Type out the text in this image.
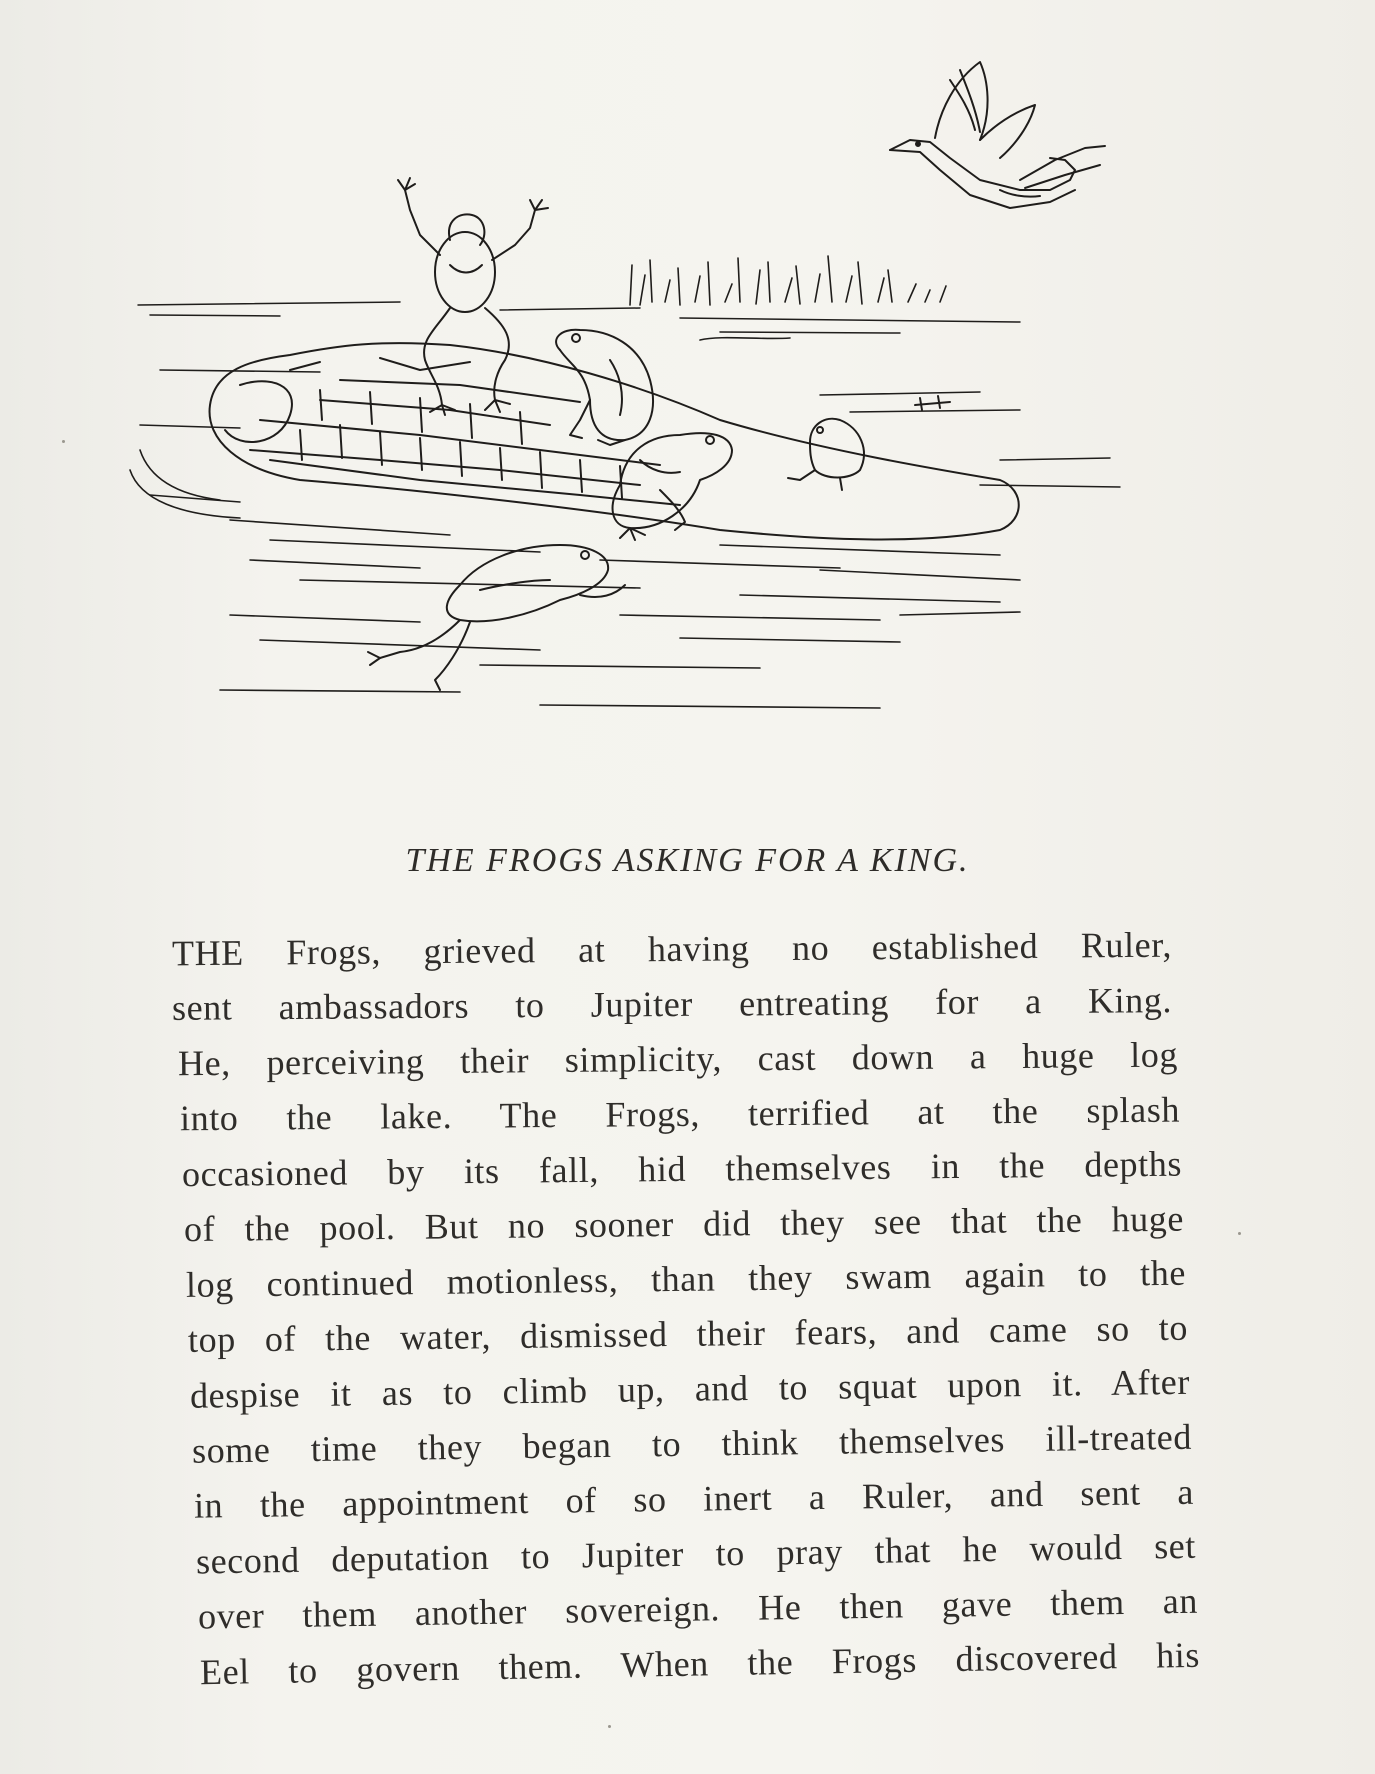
THE FROGS ASKING FOR A KING.
THE Frogs, grieved at having no established Ruler,
sent ambassadors to Jupiter entreating for a King.
He, perceiving their simplicity, cast down a huge log
into the lake. The Frogs, terrified at the splash
occasioned by its fall, hid themselves in the depths
of the pool. But no sooner did they see that the huge
log continued motionless, than they swam again to the
top of the water, dismissed their fears, and came so to
despise it as to climb up, and to squat upon it. After
some time they began to think themselves ill-treated
in the appointment of so inert a Ruler, and sent a
second deputation to Jupiter to pray that he would set
over them another sovereign. He then gave them an
Eel to govern them. When the Frogs discovered his
